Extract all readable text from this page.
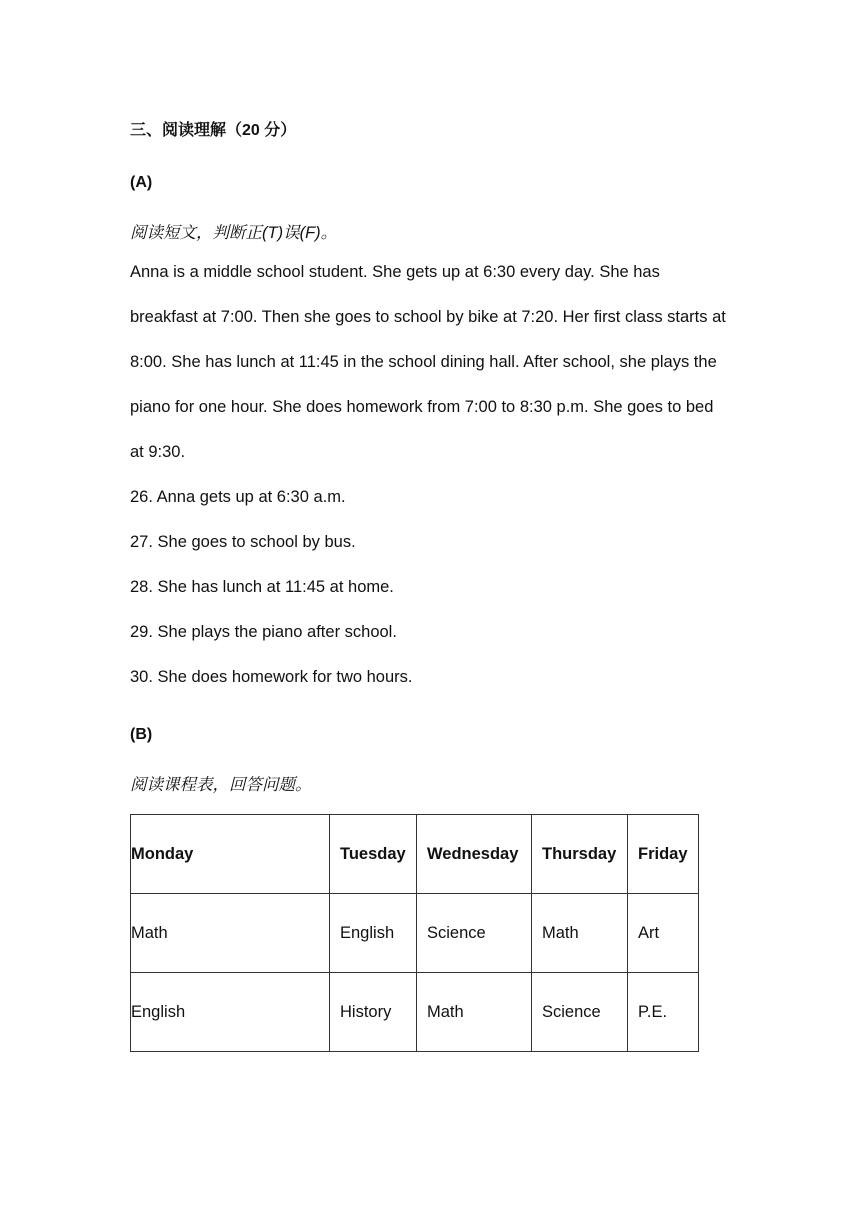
三、阅读理解（20 分）
(A)
阅读短文，判断正(T)误(F)。
Anna is a middle school student. She gets up at 6:30 every day. She has
breakfast at 7:00. Then she goes to school by bike at 7:20. Her first class starts at
8:00. She has lunch at 11:45 in the school dining hall. After school, she plays the
piano for one hour. She does homework from 7:00 to 8:30 p.m. She goes to bed
at 9:30.
26. Anna gets up at 6:30 a.m.
27. She goes to school by bus.
28. She has lunch at 11:45 at home.
29. She plays the piano after school.
30. She does homework for two hours.
(B)
阅读课程表，回答问题。
Monday	Tuesday	Wednesday	Thursday	Friday
Math	English	Science	Math	Art
English	History	Math	Science	P.E.
